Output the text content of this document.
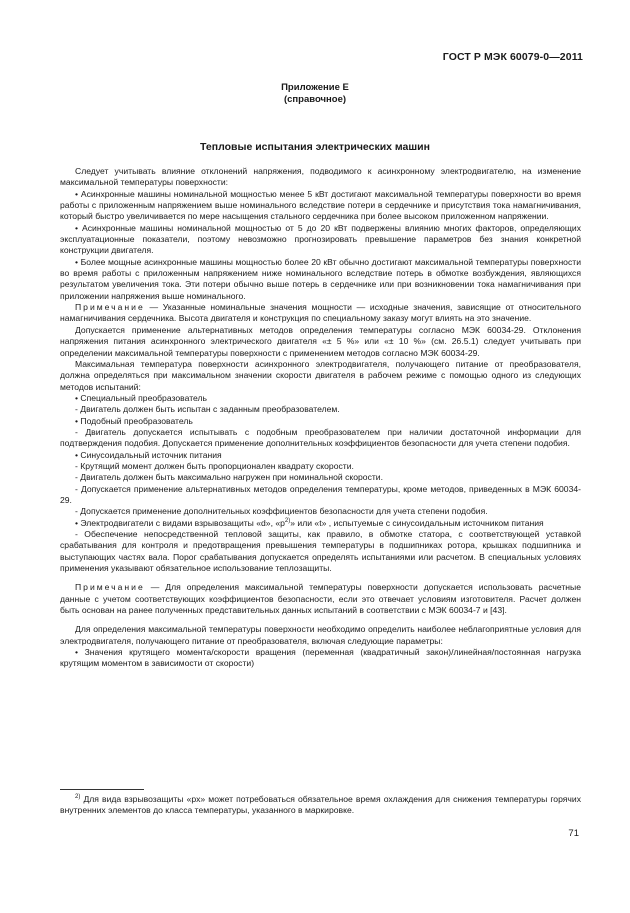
ГОСТ Р МЭК 60079-0—2011
Приложение E
(справочное)
Тепловые испытания электрических машин

Следует учитывать влияние отклонений напряжения, подводимого к асинхронному электродвигателю, на изменение максимальной температуры поверхности:

• Асинхронные машины номинальной мощностью менее 5 кВт достигают максимальной температуры поверхности во время работы с приложенным напряжением выше номинального вследствие потери в сердечнике и присутствия тока намагничивания, который быстро увеличивается по мере насыщения стального сердечника при более высоком приложенном напряжении.

• Асинхронные машины номинальной мощностью от 5 до 20 кВт подвержены влиянию многих факторов, определяющих эксплуатационные показатели, поэтому невозможно прогнозировать превышение параметров без знания конкретной конструкции двигателя.

• Более мощные асинхронные машины мощностью более 20 кВт обычно достигают максимальной температуры поверхности во время работы с приложенным напряжением ниже номинального вследствие потерь в обмотке возбуждения, являющихся результатом увеличения тока. Эти потери обычно выше потерь в сердечнике или при возникновении тока намагничивания при приложении напряжения выше номинального.

Примечание — Указанные номинальные значения мощности — исходные значения, зависящие от относительного намагничивания сердечника. Высота двигателя и конструкция по специальному заказу могут влиять на это значение.

Допускается применение альтернативных методов определения температуры согласно МЭК 60034-29. Отклонения напряжения питания асинхронного электрического двигателя «± 5 %» или «± 10 %» (см. 26.5.1) следует учитывать при определении максимальной температуры поверхности с применением методов согласно МЭК 60034-29.

Максимальная температура поверхности асинхронного электродвигателя, получающего питание от преобразователя, должна определяться при максимальном значении скорости двигателя в рабочем режиме с помощью одного из следующих методов испытаний:

• Специальный преобразователь

- Двигатель должен быть испытан с заданным преобразователем.

• Подобный преобразователь

- Двигатель допускается испытывать с подобным преобразователем при наличии достаточной информации для подтверждения подобия. Допускается применение дополнительных коэффициентов безопасности для учета степени подобия.

• Синусоидальный источник питания

- Крутящий момент должен быть пропорционален квадрату скорости.

- Двигатель должен быть максимально нагружен при номинальной скорости.

- Допускается применение альтернативных методов определения температуры, кроме методов, приведенных в МЭК 60034-29.

- Допускается применение дополнительных коэффициентов безопасности для учета степени подобия.

• Электродвигатели с видами взрывозащиты «d», «$p^{2)}$» или «t» , испытуемые с синусоидальным источником питания

- Обеспечение непосредственной тепловой защиты, как правило, в обмотке статора, с соответствующей уставкой срабатывания для контроля и предотвращения превышения температуры в подшипниках ротора, крышках подшипника и выступающих частях вала. Порог срабатывания допускается определять испытаниями или расчетом. В специальных условиях применения указывают обязательное использование теплозащиты.

Примечание — Для определения максимальной температуры поверхности допускается использовать расчетные данные с учетом соответствующих коэффициентов безопасности, если это отвечает условиям изготовителя. Расчет должен быть основан на ранее полученных представительных данных испытаний в соответствии с МЭК 60034-7 и [43].

Для определения максимальной температуры поверхности необходимо определить наиболее неблагоприятные условия для электродвигателя, получающего питание от преобразователя, включая следующие параметры:

• Значения крутящего момента/скорости вращения (переменная (квадратичный закон)/линейная/постоянная нагрузка крутящим моментом в зависимости от скорости)

$^{2)}$ Для вида взрывозащиты «px» может потребоваться обязательное время охлаждения для снижения температуры горячих внутренних элементов до класса температуры, указанного в маркировке.
71
